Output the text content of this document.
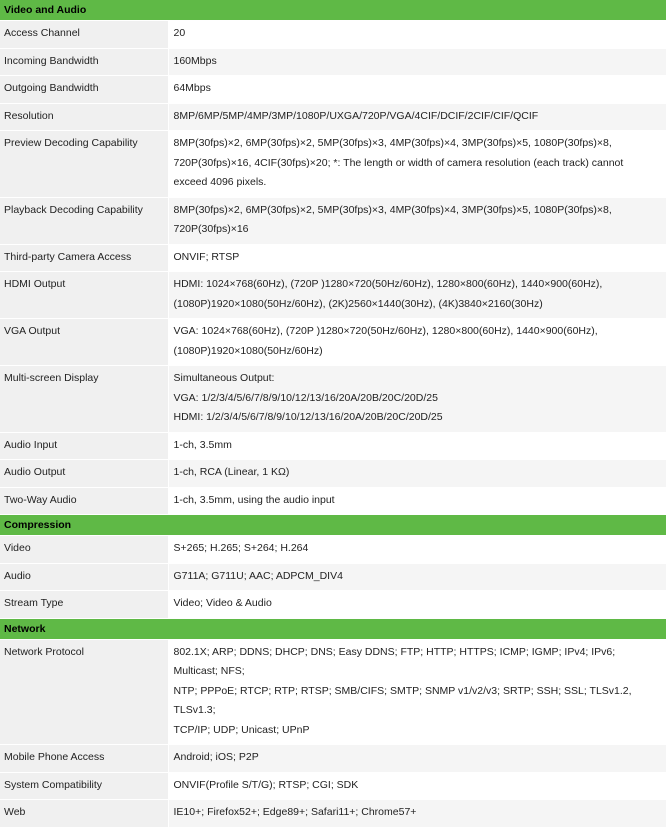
Video and Audio	
Access Channel	20

Incoming Bandwidth	160Mbps

Outgoing Bandwidth	64Mbps

Resolution	8MP/6MP/5MP/4MP/3MP/1080P/UXGA/720P/VGA/4CIF/DCIF/2CIF/CIF/QCIF

Preview Decoding Capability	8MP(30fps)×2, 6MP(30fps)×2, 5MP(30fps)×3, 4MP(30fps)×4, 3MP(30fps)×5, 1080P(30fps)×8,
720P(30fps)×16, 4CIF(30fps)×20; *: The length or width of camera resolution (each track) cannot
exceed 4096 pixels.

Playback Decoding Capability	8MP(30fps)×2, 6MP(30fps)×2, 5MP(30fps)×3, 4MP(30fps)×4, 3MP(30fps)×5, 1080P(30fps)×8,
720P(30fps)×16

Third-party Camera Access	ONVIF; RTSP

HDMI Output	HDMI: 1024×768(60Hz), (720P )1280×720(50Hz/60Hz), 1280×800(60Hz), 1440×900(60Hz),
(1080P)1920×1080(50Hz/60Hz), (2K)2560×1440(30Hz), (4K)3840×2160(30Hz)

VGA Output	VGA: 1024×768(60Hz), (720P )1280×720(50Hz/60Hz), 1280×800(60Hz), 1440×900(60Hz),
(1080P)1920×1080(50Hz/60Hz)

Multi-screen Display	Simultaneous Output:
VGA: 1/2/3/4/5/6/7/8/9/10/12/13/16/20A/20B/20C/20D/25
HDMI: 1/2/3/4/5/6/7/8/9/10/12/13/16/20A/20B/20C/20D/25

Audio Input	1-ch, 3.5mm

Audio Output	1-ch, RCA (Linear, 1 KΩ)

Two-Way Audio	1-ch, 3.5mm, using the audio input

Compression	
Video	S+265; H.265; S+264; H.264

Audio	G711A; G711U; AAC; ADPCM_DIV4

Stream Type	Video; Video & Audio

Network	
Network Protocol	802.1X; ARP; DDNS; DHCP; DNS; Easy DDNS; FTP; HTTP; HTTPS; ICMP; IGMP; IPv4; IPv6; Multicast; NFS;
NTP; PPPoE; RTCP; RTP; RTSP; SMB/CIFS; SMTP; SNMP v1/v2/v3; SRTP; SSH; SSL; TLSv1.2, TLSv1.3;
TCP/IP; UDP; Unicast; UPnP

Mobile Phone Access	Android; iOS; P2P

System Compatibility	ONVIF(Profile S/T/G); RTSP; CGI; SDK

Web	IE10+; Firefox52+; Edge89+; Safari11+; Chrome57+
